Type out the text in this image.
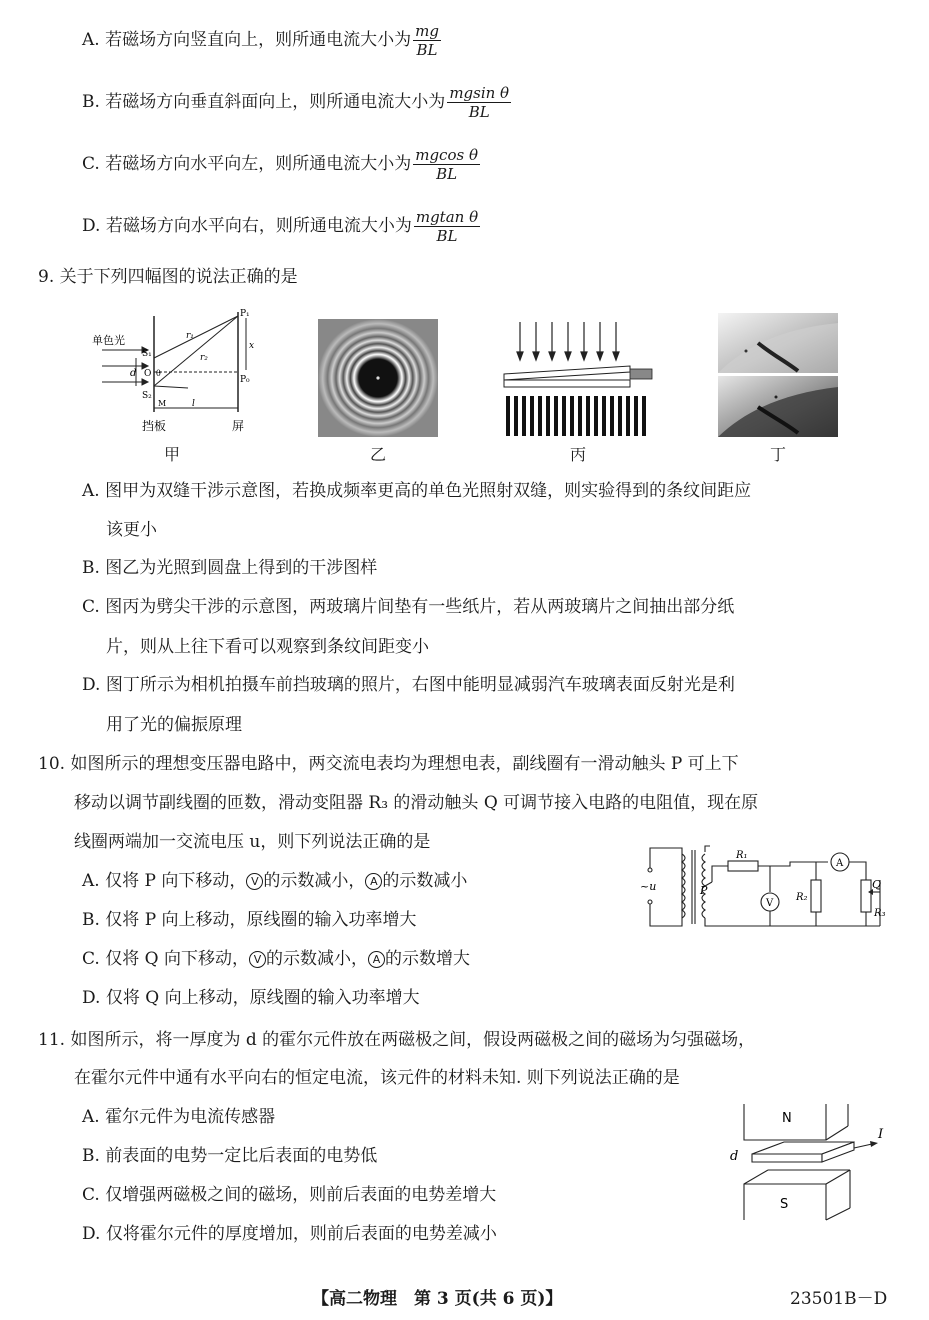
A. 若磁场方向竖直向上，则所通电流大小为 $\frac{mg}{BL}$
B. 若磁场方向垂直斜面向上，则所通电流大小为 $\frac{\text{mgsin θ}}{BL}$
C. 若磁场方向水平向左，则所通电流大小为 $\frac{\text{mgcos θ}}{BL}$
D. 若磁场方向水平向右，则所通电流大小为 $\frac{\text{mgtan θ}}{BL}$
9. 关于下列四幅图的说法正确的是
单色光
S₁
S₂
d O θ
M
r₁
r₂
P₁
P₀
x
l
挡板	屏
甲	乙	丙	丁
A. 图甲为双缝干涉示意图，若换成频率更高的单色光照射双缝，则实验得到的条纹间距应
该更小
B. 图乙为光照到圆盘上得到的干涉图样
C. 图丙为劈尖干涉的示意图，两玻璃片间垫有一些纸片，若从两玻璃片之间抽出部分纸
片，则从上往下看可以观察到条纹间距变小
D. 图丁所示为相机拍摄车前挡玻璃的照片，右图中能明显减弱汽车玻璃表面反射光是利
用了光的偏振原理
10. 如图所示的理想变压器电路中，两交流电表均为理想电表，副线圈有一滑动触头 P 可上下
移动以调节副线圈的匝数，滑动变阻器 R₃ 的滑动触头 Q 可调节接入电路的电阻值，现在原
线圈两端加一交流电压 u，则下列说法正确的是
A. 仅将 P 向下移动， V 的示数减小， A 的示数减小
B. 仅将 P 向上移动，原线圈的输入功率增大
C. 仅将 Q 向下移动， V 的示数减小， A 的示数增大
D. 仅将 Q 向上移动，原线圈的输入功率增大
~u	P
R₁
R₂
R₃
Q
V
A
11. 如图所示，将一厚度为 d 的霍尔元件放在两磁极之间，假设两磁极之间的磁场为匀强磁场，
在霍尔元件中通有水平向右的恒定电流，该元件的材料未知. 则下列说法正确的是
A. 霍尔元件为电流传感器
B. 前表面的电势一定比后表面的电势低
C. 仅增强两磁极之间的磁场，则前后表面的电势差增大
D. 仅将霍尔元件的厚度增加，则前后表面的电势差减小
N
S
d
I
【高二物理　第 3 页(共 6 页)】	23501B－D
